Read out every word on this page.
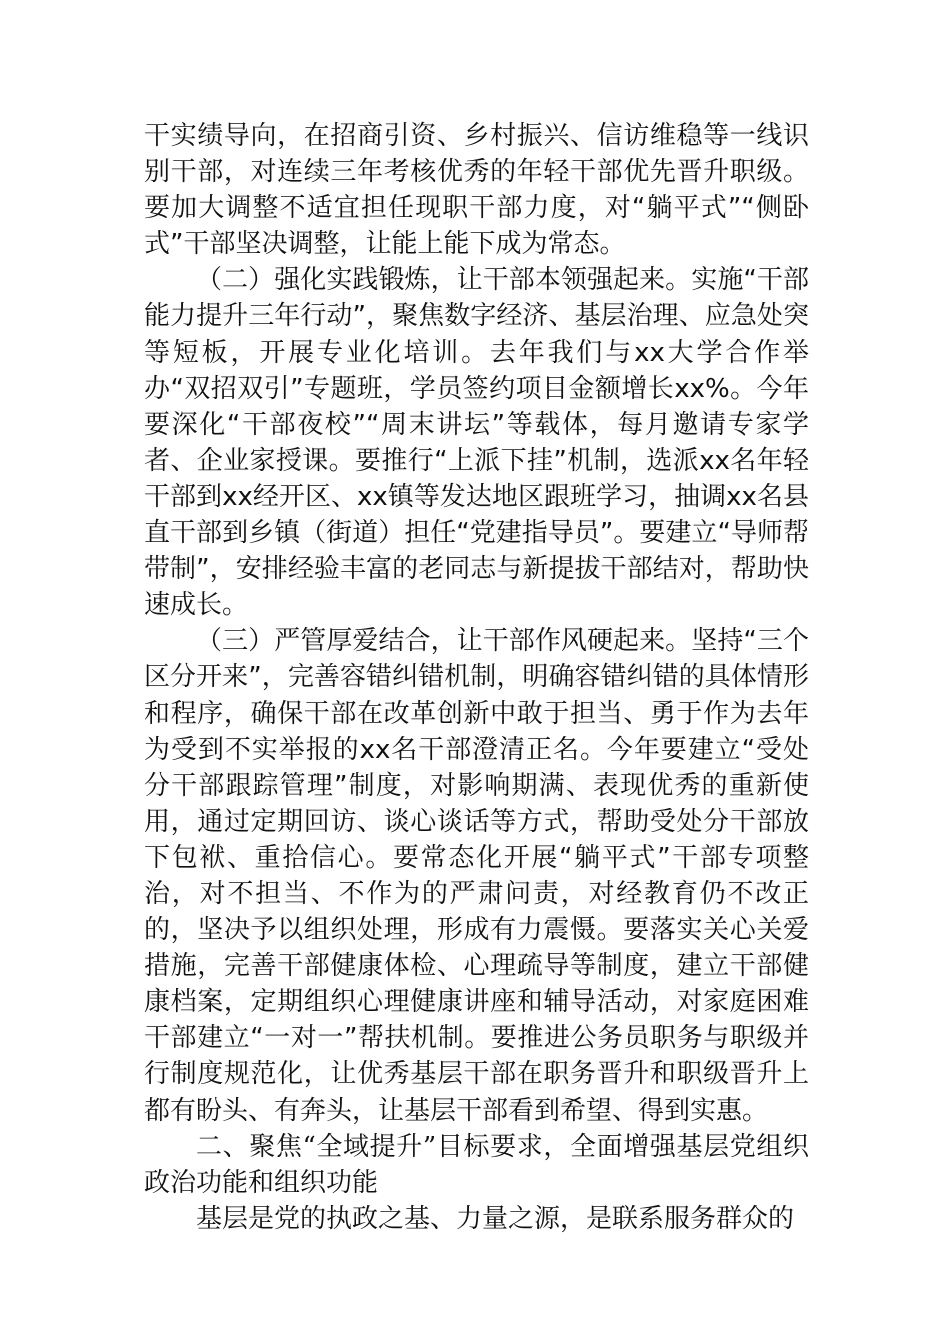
干实绩导向，在招商引资、乡村振兴、信访维稳等一线识别干部，对连续三年考核优秀的年轻干部优先晋升职级。要加大调整不适宜担任现职干部力度，对“躺平式”“侧卧式”干部坚决调整，让能上能下成为常态。

（二）强化实践锻炼，让干部本领强起来。实施“干部能力提升三年行动”，聚焦数字经济、基层治理、应急处突等短板，开展专业化培训。去年我们与xx大学合作举办“双招双引”专题班，学员签约项目金额增长xx%。今年要深化“干部夜校”“周末讲坛”等载体，每月邀请专家学者、企业家授课。要推行“上派下挂”机制，选派xx名年轻干部到xx经开区、xx镇等发达地区跟班学习，抽调xx名县直干部到乡镇（街道）担任“党建指导员”。要建立“导师帮带制”，安排经验丰富的老同志与新提拔干部结对，帮助快速成长。

（三）严管厚爱结合，让干部作风硬起来。坚持“三个区分开来”，完善容错纠错机制，明确容错纠错的具体情形和程序，确保干部在改革创新中敢于担当、勇于作为去年为受到不实举报的xx名干部澄清正名。今年要建立“受处分干部跟踪管理”制度，对影响期满、表现优秀的重新使用，通过定期回访、谈心谈话等方式，帮助受处分干部放下包袱、重拾信心。要常态化开展“躺平式”干部专项整治，对不担当、不作为的严肃问责，对经教育仍不改正的，坚决予以组织处理，形成有力震慑。要落实关心关爱措施，完善干部健康体检、心理疏导等制度，建立干部健康档案，定期组织心理健康讲座和辅导活动，对家庭困难干部建立“一对一”帮扶机制。要推进公务员职务与职级并行制度规范化，让优秀基层干部在职务晋升和职级晋升上都有盼头、有奔头，让基层干部看到希望、得到实惠。

二、聚焦“全域提升”目标要求，全面增强基层党组织政治功能和组织功能

基层是党的执政之基、力量之源，是联系服务群众的
